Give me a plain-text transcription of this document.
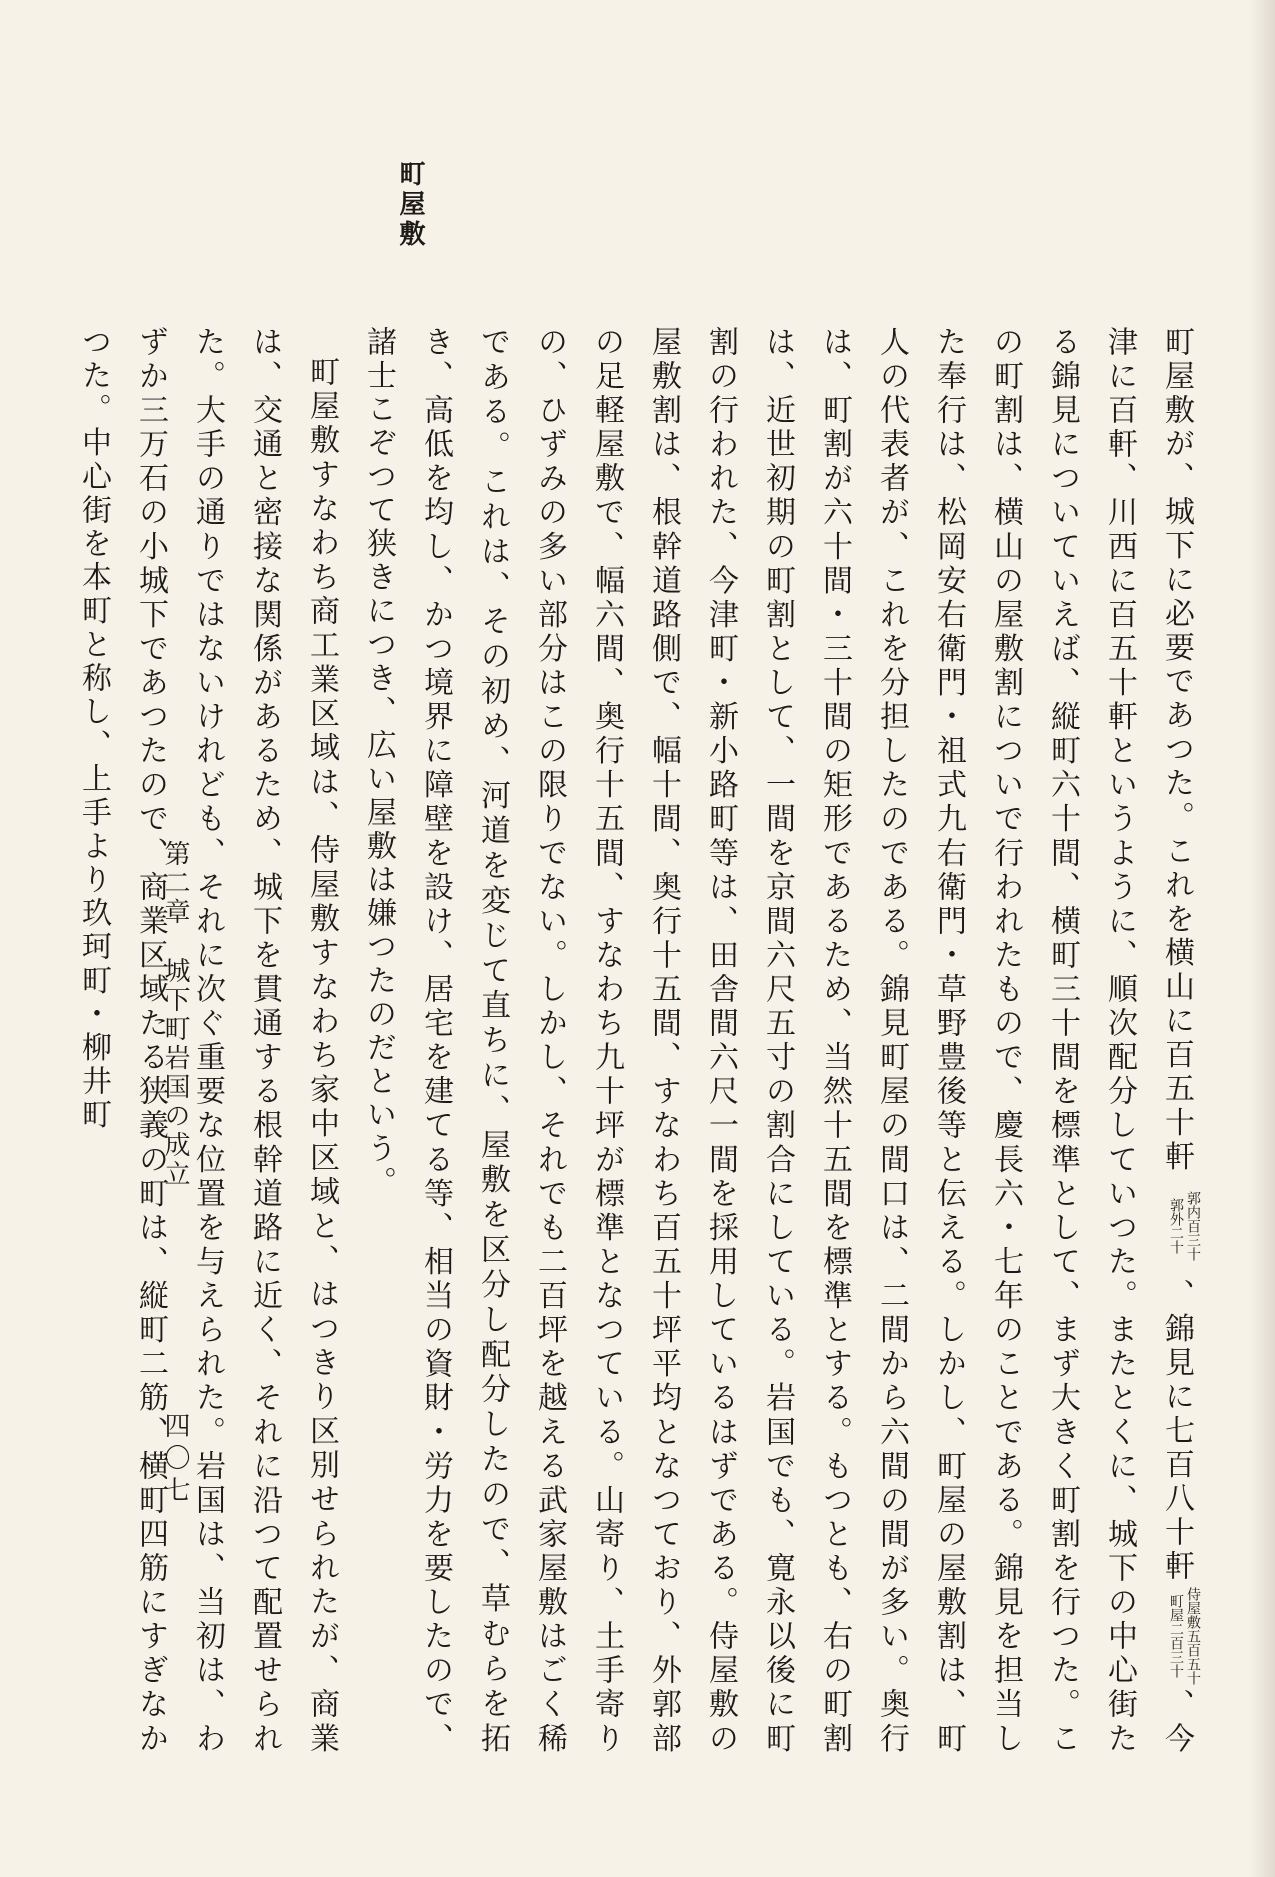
町屋敷

町屋敷が、城下に必要であつた。これを横山に百五十軒
郭内百三十
郭外二十
、錦見に七百八十軒
侍屋敷五百五十
町屋二百三十
、今津に百軒、川西に百五十軒というように、順次配分していつた。またとくに、城下の中心街たる錦見についていえば、縦町六十間、横町三十間を標準として、まず大きく町割を行つた。この町割は、横山の屋敷割についで行われたもので、慶長六・七年のことである。錦見を担当した奉行は、松岡安右衛門・祖式九右衛門・草野豊後等と伝える。しかし、町屋の屋敷割は、町人の代表者が、これを分担したのである。錦見町屋の間口は、二間から六間の間が多い。奥行は、町割が六十間・三十間の矩形であるため、当然十五間を標準とする。もつとも、右の町割は、近世初期の町割として、一間を京間六尺五寸の割合にしている。岩国でも、寛永以後に町割の行われた、今津町・新小路町等は、田舎間六尺一間を採用しているはずである。侍屋敷の屋敷割は、根幹道路側で、幅十間、奥行十五間、すなわち百五十坪平均となつており、外郭部の足軽屋敷で、幅六間、奥行十五間、すなわち九十坪が標準となつている。山寄り、土手寄りの、ひずみの多い部分はこの限りでない。しかし、それでも二百坪を越える武家屋敷はごく稀である。これは、その初め、河道を変じて直ちに、屋敷を区分し配分したので、草むらを拓き、高低を均し、かつ境界に障壁を設け、居宅を建てる等、相当の資財・労力を要したので、諸士こぞつて狭きにつき、広い屋敷は嫌つたのだという。

町屋敷すなわち商工業区域は、侍屋敷すなわち家中区域と、はつきり区別せられたが、商業は、交通と密接な関係があるため、城下を貫通する根幹道路に近く、それに沿つて配置せられた。大手の通りではないけれども、それに次ぐ重要な位置を与えられた。岩国は、当初は、わずか三万石の小城下であつたので、商業区域たる狭義の町は、縦町二筋、横町四筋にすぎなかつた。中心街を本町と称し、上手より玖珂町・柳井町	第二章城下町岩国の成立
四〇七
